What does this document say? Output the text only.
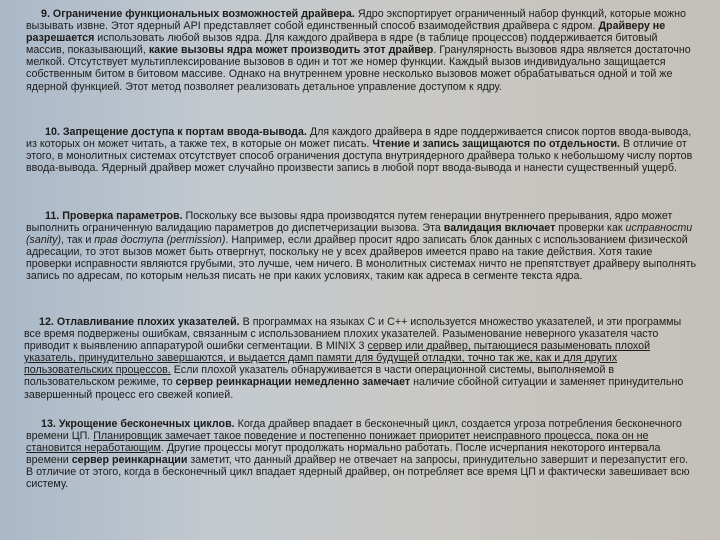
9. Ограничение функциональных возможностей драйвера. Ядро экспортирует ограниченный набор функций, которые можно вызывать извне. Этот ядерный API представляет собой единственный способ взаимодействия драйвера с ядром. Драйверу не разрешается использовать любой вызов ядра. Для каждого драйвера в ядре (в таблице процессов) поддерживается битовый массив, показывающий, какие вызовы ядра может производить этот драйвер. Гранулярность вызовов ядра является достаточно мелкой. Отсутствует мультиплексирование вызовов в один и тот же номер функции. Каждый вызов индивидуально защищается собственным битом в битовом массиве. Однако на внутреннем уровне несколько вызовов может обрабатываться одной и той же ядерной функцией. Этот метод позволяет реализовать детальное управление доступом к ядру.

10. Запрещение доступа к портам ввода-вывода. Для каждого драйвера в ядре поддерживается список портов ввода-вывода, из которых он может читать, а также тех, в которые он может писать. Чтение и запись защищаются по отдельности. В отличие от этого, в монолитных системах отсутствует способ ограничения доступа внутриядерного драйвера только к небольшому числу портов ввода-вывода. Ядерный драйвер может случайно произвести запись в любой порт ввода-вывода и нанести существенный ущерб.

11. Проверка параметров. Поскольку все вызовы ядра производятся путем генерации внутреннего прерывания, ядро может выполнить ограниченную валидацию параметров до диспетчеризации вызова. Эта валидация включает проверки как исправности (sanity), так и прав доступа (permission). Например, если драйвер просит ядро записать блок данных с использованием физической адресации, то этот вызов может быть отвергнут, поскольку не у всех драйверов имеется право на такие действия. Хотя такие проверки исправности являются грубыми, это лучше, чем ничего. В монолитных системах ничто не препятствует драйверу выполнять запись по адресам, по которым нельзя писать не при каких условиях, таким как адреса в сегменте текста ядра.

12. Отлавливание плохих указателей. В программах на языках С и С++ используется множество указателей, и эти программы все время подвержены ошибкам, связанным с использованием плохих указателей. Разыменование неверного указателя часто приводит к выявлению аппаратурой ошибки сегментации. В MINIX 3 сервер или драйвер, пытающиеся разыменовать плохой указатель, принудительно завершаются, и выдается дамп памяти для будущей отладки, точно так же, как и для других пользовательских процессов. Если плохой указатель обнаруживается в части операционной системы, выполняемой в пользовательском режиме, то сервер реинкарнации немедленно замечает наличие сбойной ситуации и заменяет принудительно завершенный процесс его свежей копией.

13. Укрощение бесконечных циклов. Когда драйвер впадает в бесконечный цикл, создается угроза потребления бесконечного времени ЦП. Планировщик замечает такое поведение и постепенно понижает приоритет неисправного процесса, пока он не становится неработающим. Другие процессы могут продолжать нормально работать. После исчерпания некоторого интервала времени сервер реинкарнации заметит, что данный драйвер не отвечает на запросы, принудительно завершит и перезапустит его. В отличие от этого, когда в бесконечный цикл впадает ядерный драйвер, он потребляет все время ЦП и фактически завешивает всю систему.
